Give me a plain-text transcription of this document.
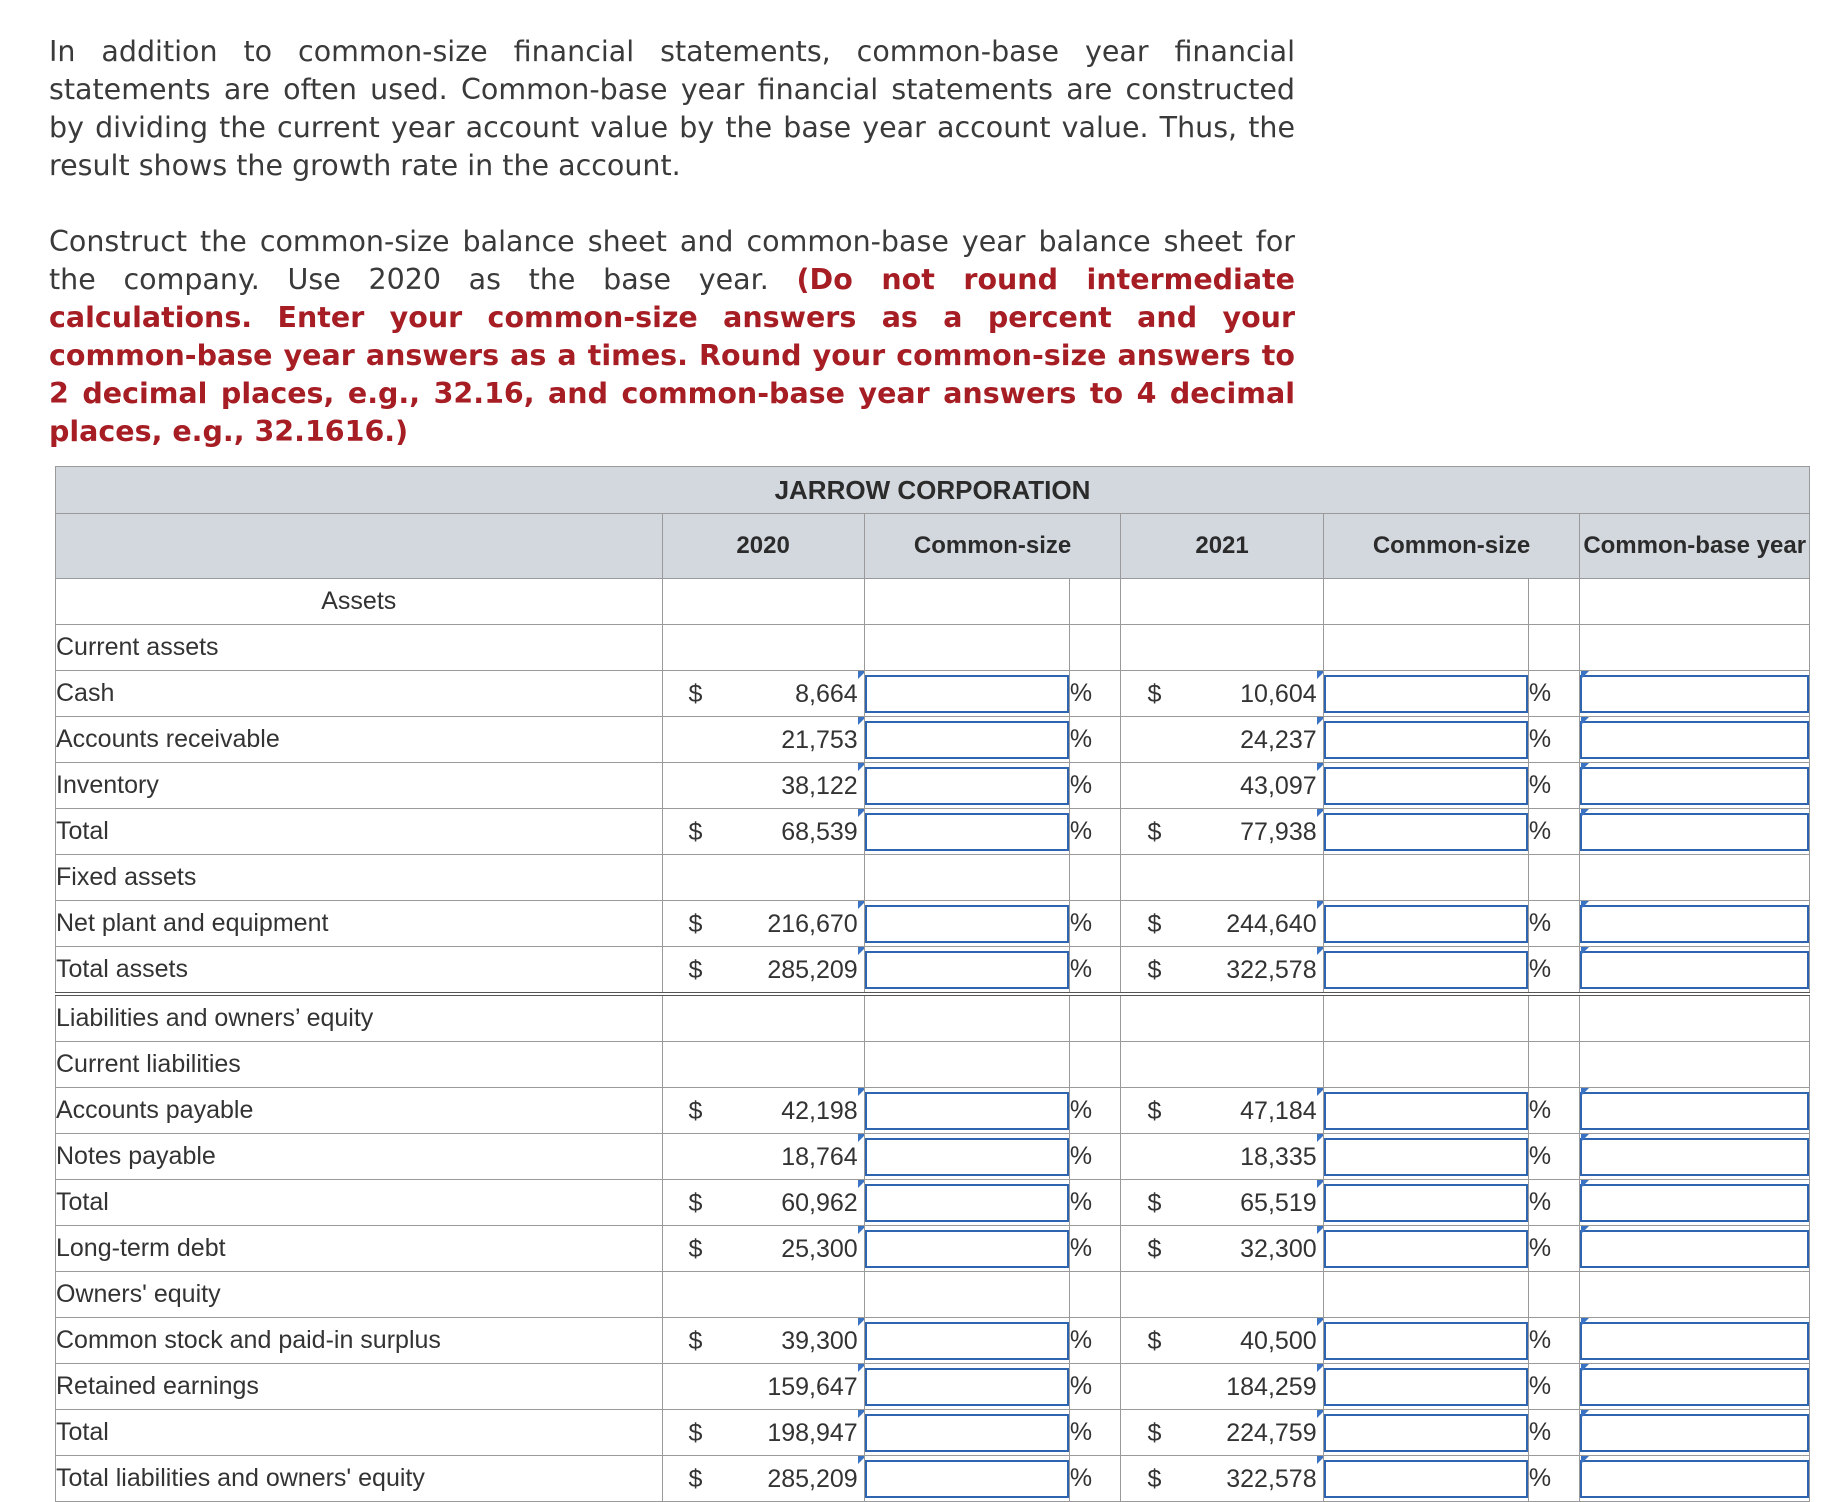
In addition to common-size financial statements, common-base year financial statements are often used. Common-base year financial statements are constructed by dividing the current year account value by the base year account value. Thus, the result shows the growth rate in the account.

Construct the common-size balance sheet and common-base year balance sheet for the company. Use 2020 as the base year. (Do not round intermediate calculations. Enter your common-size answers as a percent and your common-base year answers as a times. Round your common-size answers to 2 decimal places, e.g., 32.16, and common-base year answers to 4 decimal places, e.g., 32.1616.)

JARROW CORPORATION							
	2020	Common-size		2021	Common-size		Common-base year
Assets							
Current assets							
Cash	$ 8,664		%	$ 10,604		%	
Accounts receivable	21,753		%	24,237		%	
Inventory	38,122		%	43,097		%	
Total	$ 68,539		%	$ 77,938		%	
Fixed assets							
Net plant and equipment	$ 216,670		%	$ 244,640		%	
Total assets	$ 285,209		%	$ 322,578		%	
Liabilities and owners’ equity							
Current liabilities							
Accounts payable	$ 42,198		%	$ 47,184		%	
Notes payable	18,764		%	18,335		%	
Total	$ 60,962		%	$ 65,519		%	
Long-term debt	$ 25,300		%	$ 32,300		%	
Owners' equity							
Common stock and paid-in surplus	$ 39,300		%	$ 40,500		%	
Retained earnings	159,647		%	184,259		%	
Total	$ 198,947		%	$ 224,759		%	
Total liabilities and owners' equity	$ 285,209		%	$ 322,578		%	
